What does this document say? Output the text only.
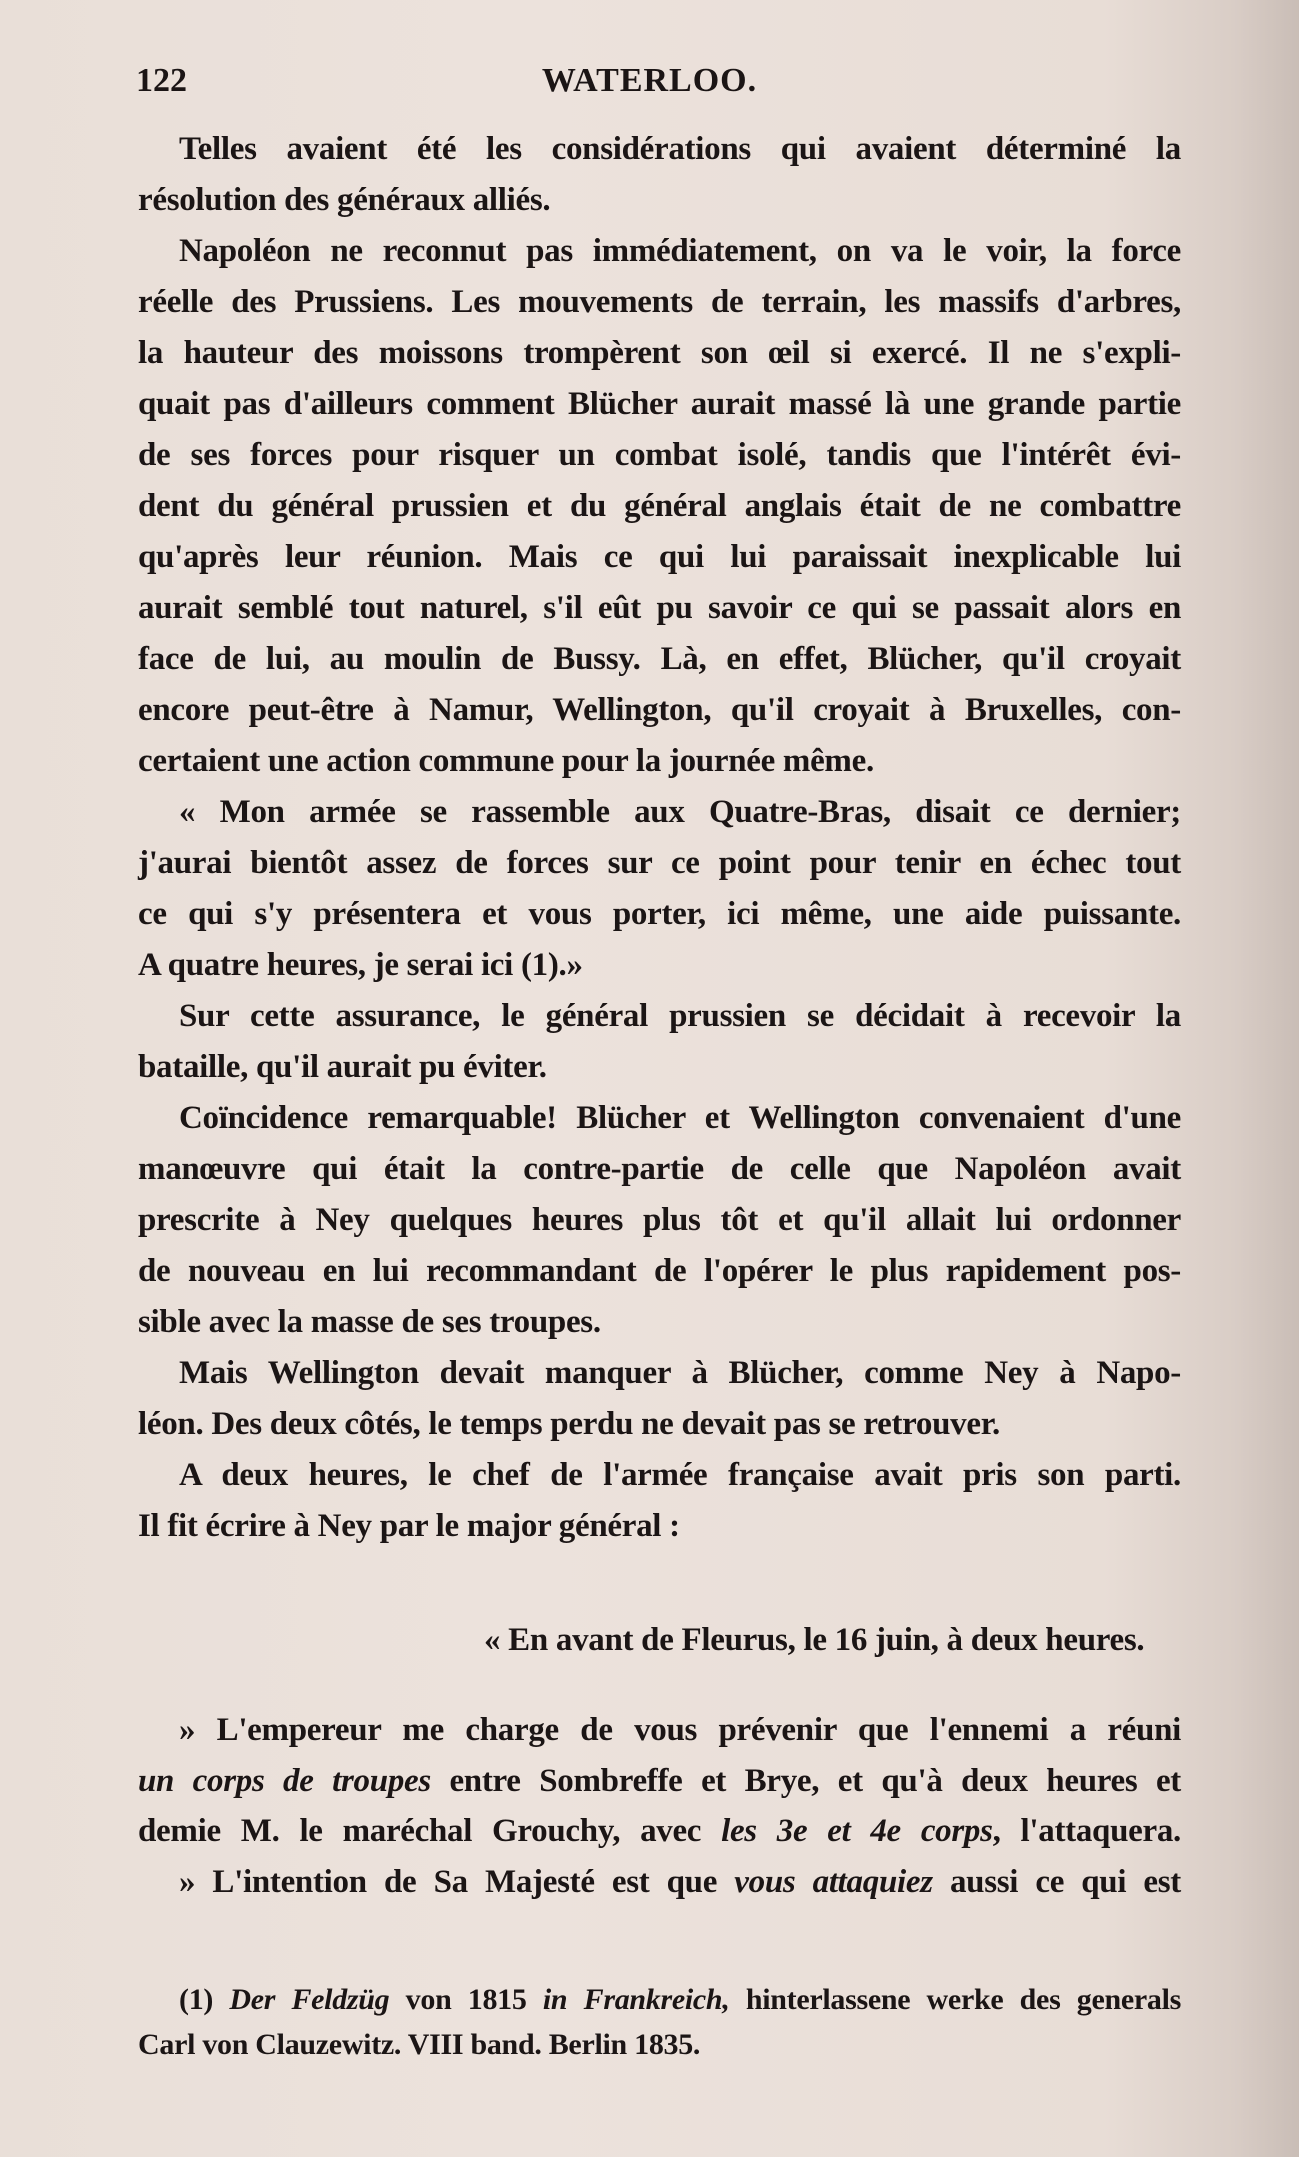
122	WATERLOO.
Telles avaient été les considérations qui avaient déterminé la
résolution des généraux alliés.
Napoléon ne reconnut pas immédiatement, on va le voir, la force
réelle des Prussiens. Les mouvements de terrain, les massifs d'arbres,
la hauteur des moissons trompèrent son œil si exercé. Il ne s'expli-
quait pas d'ailleurs comment Blücher aurait massé là une grande partie
de ses forces pour risquer un combat isolé, tandis que l'intérêt évi-
dent du général prussien et du général anglais était de ne combattre
qu'après leur réunion. Mais ce qui lui paraissait inexplicable lui
aurait semblé tout naturel, s'il eût pu savoir ce qui se passait alors en
face de lui, au moulin de Bussy. Là, en effet, Blücher, qu'il croyait
encore peut-être à Namur, Wellington, qu'il croyait à Bruxelles, con-
certaient une action commune pour la journée même.
« Mon armée se rassemble aux Quatre-Bras, disait ce dernier;
j'aurai bientôt assez de forces sur ce point pour tenir en échec tout
ce qui s'y présentera et vous porter, ici même, une aide puissante.
A quatre heures, je serai ici (1).»
Sur cette assurance, le général prussien se décidait à recevoir la
bataille, qu'il aurait pu éviter.
Coïncidence remarquable! Blücher et Wellington convenaient d'une
manœuvre qui était la contre-partie de celle que Napoléon avait
prescrite à Ney quelques heures plus tôt et qu'il allait lui ordonner
de nouveau en lui recommandant de l'opérer le plus rapidement pos-
sible avec la masse de ses troupes.
Mais Wellington devait manquer à Blücher, comme Ney à Napo-
léon. Des deux côtés, le temps perdu ne devait pas se retrouver.
A deux heures, le chef de l'armée française avait pris son parti.
Il fit écrire à Ney par le major général :
« En avant de Fleurus, le 16 juin, à deux heures.
» L'empereur me charge de vous prévenir que l'ennemi a réuni
un corps de troupes entre Sombreffe et Brye, et qu'à deux heures et
demie M. le maréchal Grouchy, avec les 3e et 4e corps, l'attaquera.
» L'intention de Sa Majesté est que vous attaquiez aussi ce qui est
(1) Der Feldzüg von 1815 in Frankreich, hinterlassene werke des generals
Carl von Clauzewitz. VIII band. Berlin 1835.
